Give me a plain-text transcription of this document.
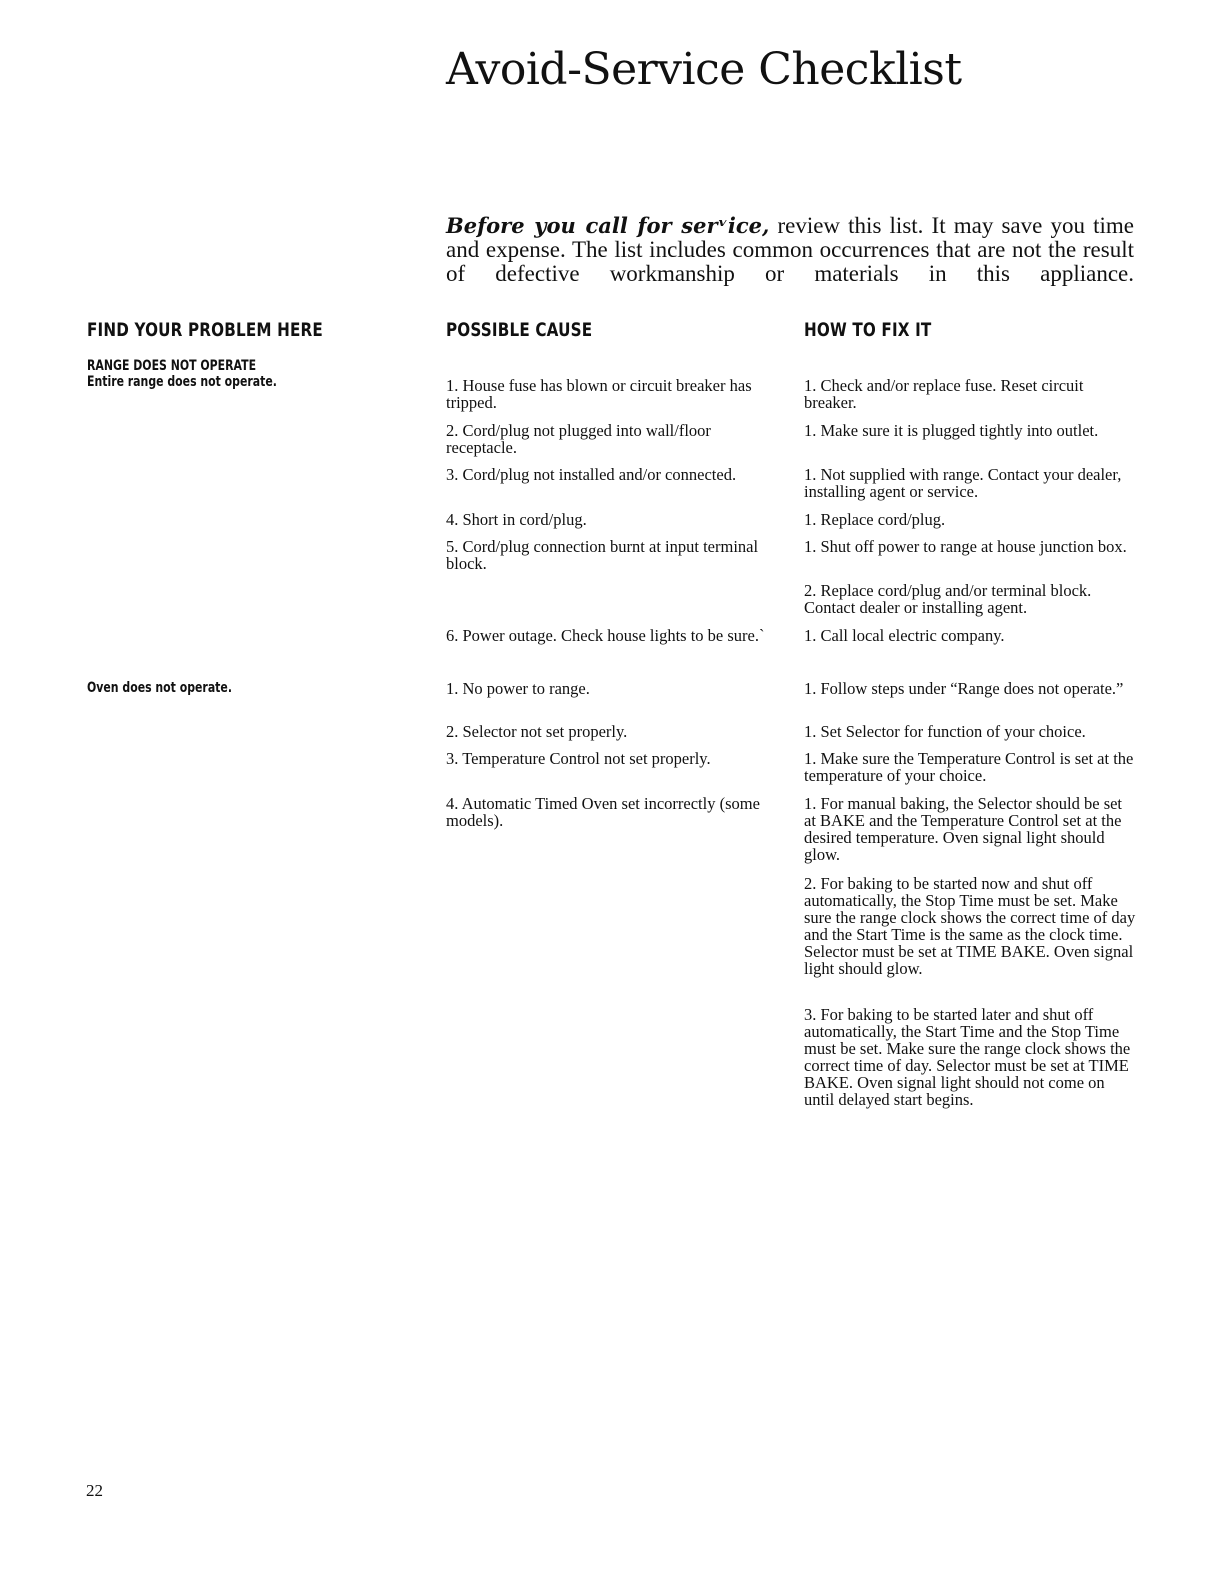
Avoid-Service Checklist

Before you call for serᵛice, review this list. It may save you time and expense. The list includes common occurrences that are not the result of defective workmanship or materials in this appliance.

FIND YOUR PROBLEM HERE	POSSIBLE CAUSE	HOW TO FIX IT
RANGE DOES NOT OPERATE
Entire range does not operate.
Oven does not operate.

1. House fuse has blown or circuit breaker has tripped.

2. Cord/plug not plugged into wall/floor receptacle.

3. Cord/plug not installed and/or connected.

4. Short in cord/plug.

5. Cord/plug connection burnt at input terminal block.

6. Power outage. Check house lights to be sure.`

1. No power to range.

2. Selector not set properly.

3. Temperature Control not set properly.

4. Automatic Timed Oven set incorrectly (some models).

1. Check and/or replace fuse. Reset circuit breaker.

1. Make sure it is plugged tightly into outlet.

1. Not supplied with range. Contact your dealer, installing agent or service.

1. Replace cord/plug.

1. Shut off power to range at house junction box.

2. Replace cord/plug and/or terminal block. Contact dealer or installing agent.

1. Call local electric company.

1. Follow steps under “Range does not operate.”

1. Set Selector for function of your choice.

1. Make sure the Temperature Control is set at the temperature of your choice.

1. For manual baking, the Selector should be set at BAKE and the Temperature Control set at the desired temperature. Oven signal light should glow.

2. For baking to be started now and shut off automatically, the Stop Time must be set. Make sure the range clock shows the correct time of day and the Start Time is the same as the clock time. Selector must be set at TIME BAKE. Oven signal light should glow.

3. For baking to be started later and shut off automatically, the Start Time and the Stop Time must be set. Make sure the range clock shows the correct time of day. Selector must be set at TIME BAKE. Oven signal light should not come on until delayed start begins.

22
